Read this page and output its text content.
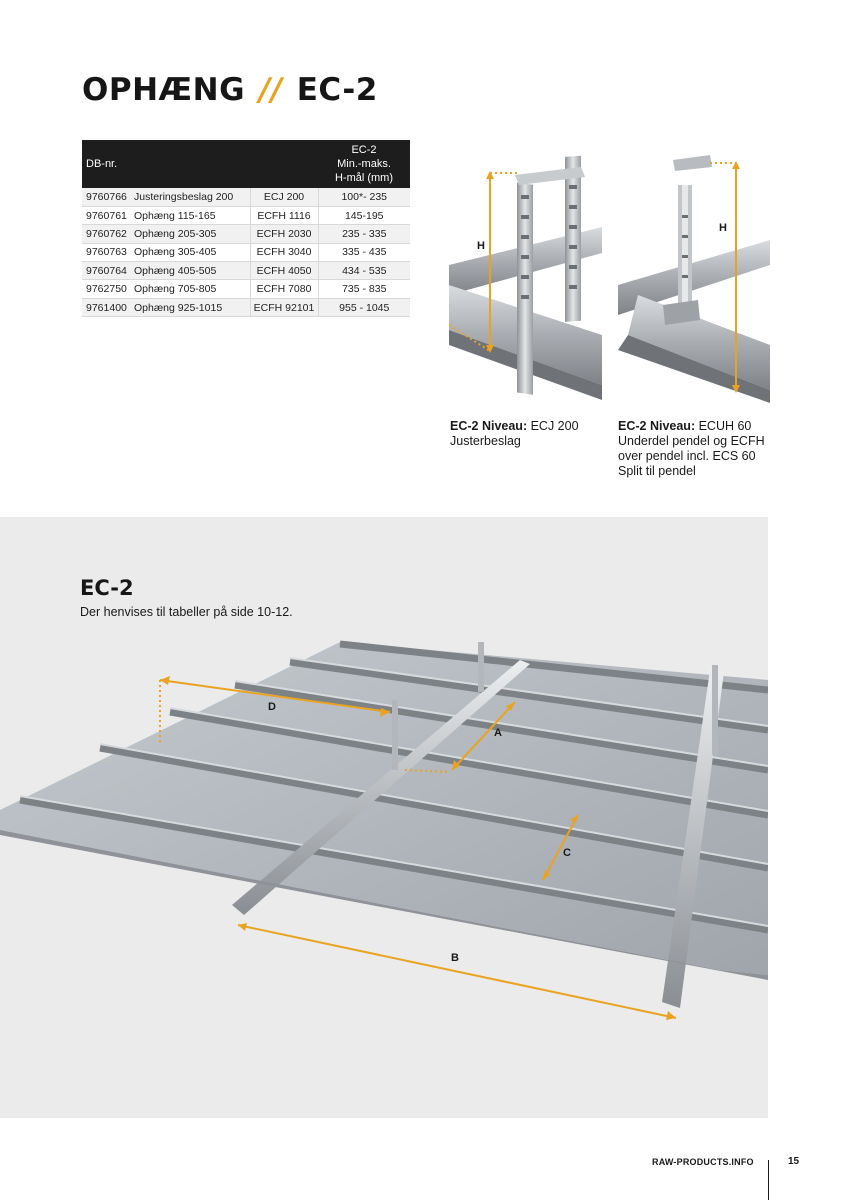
OPHÆNG // EC-2
DB-nr.			EC-2
Min.-maks.
H-mål (mm)

9760766	Justeringsbeslag 200	ECJ 200	100*- 235
9760761	Ophæng 115-165	ECFH 1116	145-195
9760762	Ophæng 205-305	ECFH 2030	235 - 335
9760763	Ophæng 305-405	ECFH 3040	335 - 435
9760764	Ophæng 405-505	ECFH 4050	434 - 535
9762750	Ophæng 705-805	ECFH 7080	735 - 835
9761400	Ophæng 925-1015	ECFH 92101	955 - 1045
H
H
EC-2 Niveau: ECJ 200
Justerbeslag
EC-2 Niveau: ECUH 60
Underdel pendel og ECFH
over pendel incl. ECS 60
Split til pendel
EC-2
Der henvises til tabeller på side 10-12.
D
A
C
B
RAW-PRODUCTS.INFO	15
